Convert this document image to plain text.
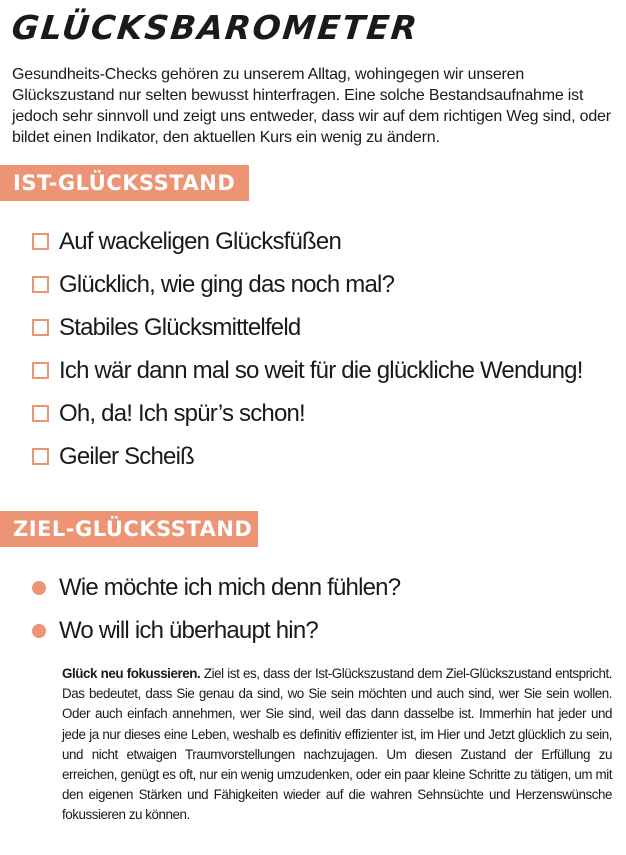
GLÜCKSBAROMETER

Gesundheits-Checks gehören zu unserem Alltag, wohingegen wir unseren Glückszustand nur selten bewusst hinterfragen. Eine solche Bestandsaufnahme ist jedoch sehr sinnvoll und zeigt uns entweder, dass wir auf dem richtigen Weg sind, oder bildet einen Indikator, den aktuellen Kurs ein wenig zu ändern.

IST-GLÜCKSSTAND
Auf wackeligen Glücksfüßen
Glücklich, wie ging das noch mal?
Stabiles Glücksmittelfeld
Ich wär dann mal so weit für die glückliche Wendung!
Oh, da! Ich spür’s schon!
Geiler Scheiß
ZIEL-GLÜCKSSTAND
Wie möchte ich mich denn fühlen?
Wo will ich überhaupt hin?

Glück neu fokussieren. Ziel ist es, dass der Ist-Glückszustand dem Ziel-Glückszustand entspricht. Das bedeutet, dass Sie genau da sind, wo Sie sein möchten und auch sind, wer Sie sein wollen. Oder auch einfach annehmen, wer Sie sind, weil das dann dasselbe ist. Immerhin hat jeder und jede ja nur dieses eine Leben, weshalb es definitiv effizienter ist, im Hier und Jetzt glücklich zu sein, und nicht etwaigen Traumvorstellungen nachzujagen. Um diesen Zustand der Erfüllung zu erreichen, genügt es oft, nur ein wenig umzudenken, oder ein paar kleine Schritte zu tätigen, um mit den eigenen Stärken und Fähigkeiten wieder auf die wahren Sehnsüchte und Herzenswünsche fokussieren zu können.
